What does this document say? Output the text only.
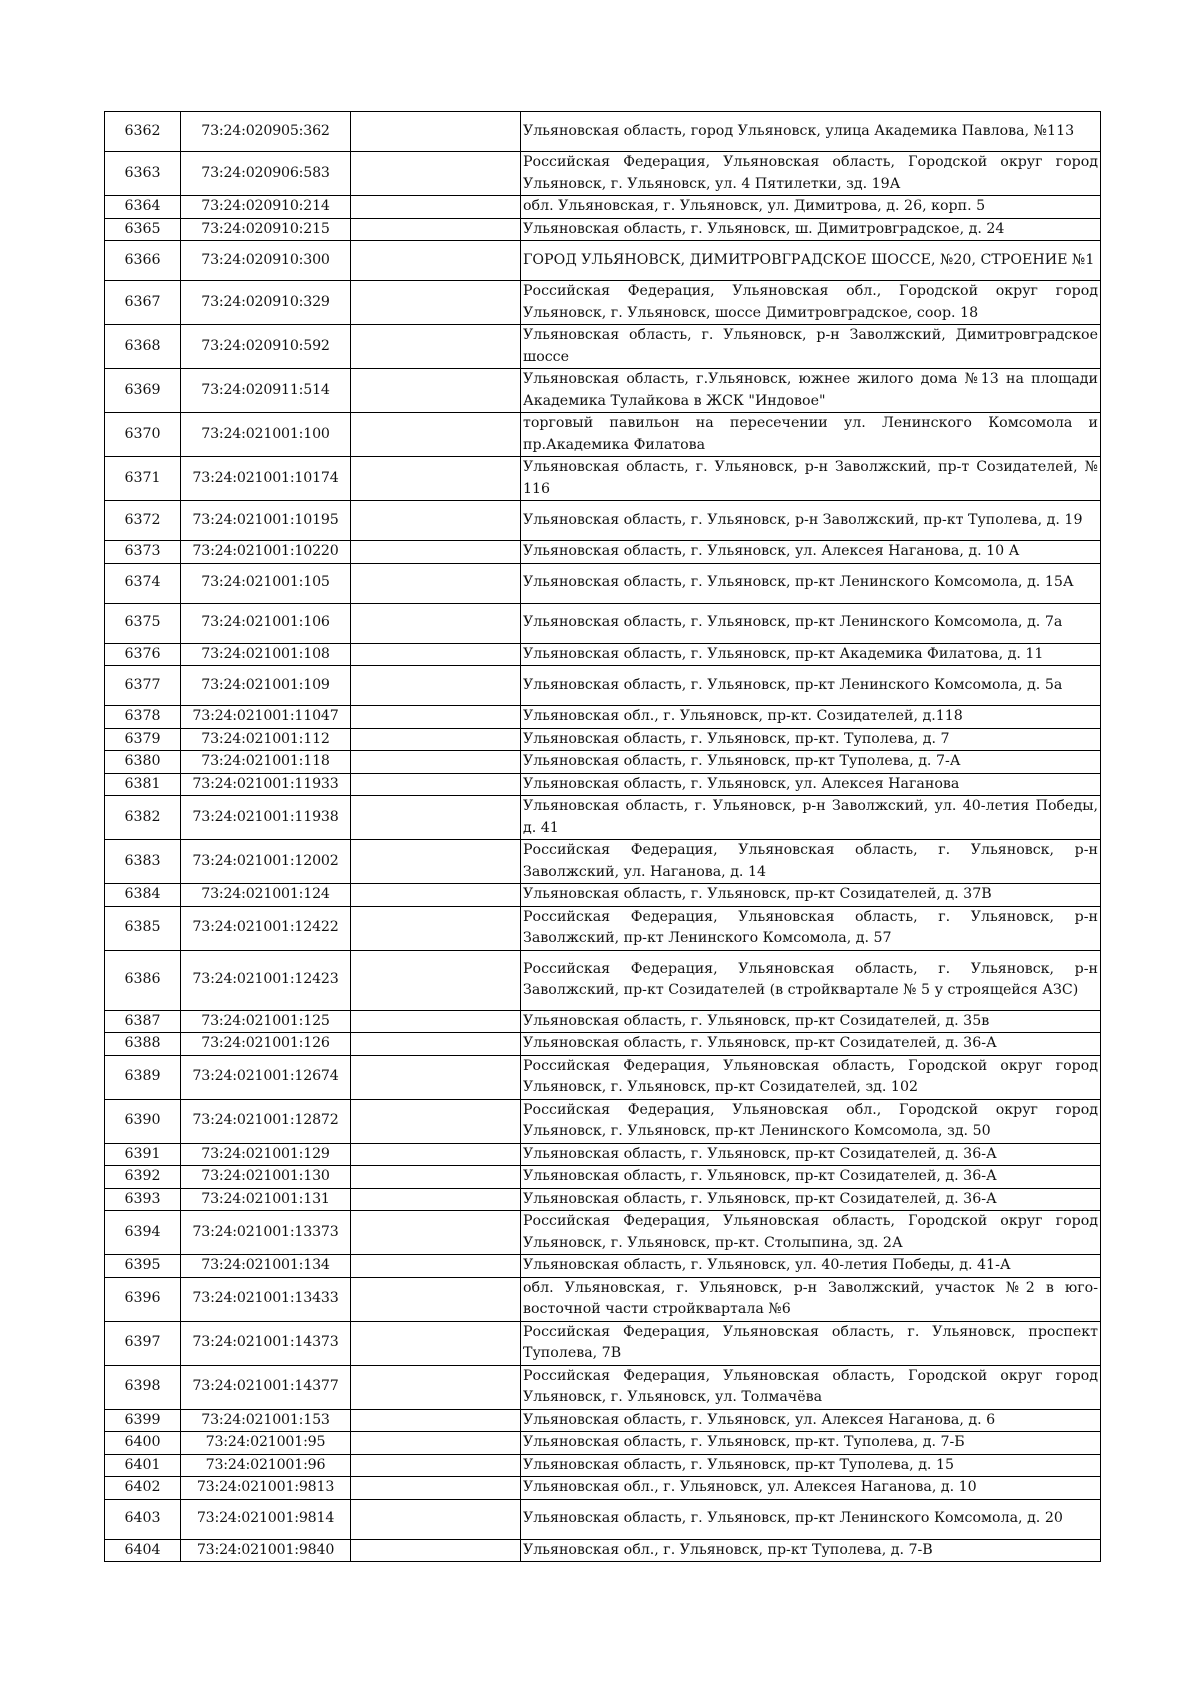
6362	73:24:020905:362		Ульяновская область, город Ульяновск, улица Академика Павлова, №113
6363	73:24:020906:583		Российская Федерация, Ульяновская область, Городской округ город Ульяновск, г. Ульяновск, ул. 4 Пятилетки, зд. 19А
6364	73:24:020910:214		обл. Ульяновская, г. Ульяновск, ул. Димитрова, д. 26, корп. 5
6365	73:24:020910:215		Ульяновская область, г. Ульяновск, ш. Димитровградское, д. 24
6366	73:24:020910:300		ГОРОД УЛЬЯНОВСК, ДИМИТРОВГРАДСКОЕ ШОССЕ, №20, СТРОЕНИЕ №1
6367	73:24:020910:329		Российская Федерация, Ульяновская обл., Городской округ город Ульяновск, г. Ульяновск, шоссе Димитровградское, соор. 18
6368	73:24:020910:592		Ульяновская область, г. Ульяновск, р-н Заволжский, Димитровградское шоссе
6369	73:24:020911:514		Ульяновская область, г.Ульяновск, южнее жилого дома №13 на площади Академика Тулайкова в ЖСК "Индовое"
6370	73:24:021001:100		торговый павильон на пересечении ул. Ленинского Комсомола и пр.Академика Филатова
6371	73:24:021001:10174		Ульяновская область, г. Ульяновск, р-н Заволжский, пр-т Созидателей, № 116
6372	73:24:021001:10195		Ульяновская область, г. Ульяновск, р-н Заволжский, пр-кт Туполева, д. 19
6373	73:24:021001:10220		Ульяновская область, г. Ульяновск, ул. Алексея Наганова, д. 10 А
6374	73:24:021001:105		Ульяновская область, г. Ульяновск, пр-кт Ленинского Комсомола, д. 15А
6375	73:24:021001:106		Ульяновская область, г. Ульяновск, пр-кт Ленинского Комсомола, д. 7а
6376	73:24:021001:108		Ульяновская область, г. Ульяновск, пр-кт Академика Филатова, д. 11
6377	73:24:021001:109		Ульяновская область, г. Ульяновск, пр-кт Ленинского Комсомола, д. 5а
6378	73:24:021001:11047		Ульяновская обл., г. Ульяновск, пр-кт. Созидателей, д.118
6379	73:24:021001:112		Ульяновская область, г. Ульяновск, пр-кт. Туполева, д. 7
6380	73:24:021001:118		Ульяновская область, г. Ульяновск, пр-кт Туполева, д. 7-А
6381	73:24:021001:11933		Ульяновская область, г. Ульяновск, ул. Алексея Наганова
6382	73:24:021001:11938		Ульяновская область, г. Ульяновск, р-н Заволжский, ул. 40-летия Победы, д. 41
6383	73:24:021001:12002		Российская Федерация, Ульяновская область, г. Ульяновск, р-н Заволжский, ул. Наганова, д. 14
6384	73:24:021001:124		Ульяновская область, г. Ульяновск, пр-кт Созидателей, д. 37В
6385	73:24:021001:12422		Российская Федерация, Ульяновская область, г. Ульяновск, р-н Заволжский, пр-кт Ленинского Комсомола, д. 57
6386	73:24:021001:12423		Российская Федерация, Ульяновская область, г. Ульяновск, р-н Заволжский, пр-кт Созидателей (в стройквартале № 5 у строящейся АЗС)
6387	73:24:021001:125		Ульяновская область, г. Ульяновск, пр-кт Созидателей, д. 35в
6388	73:24:021001:126		Ульяновская область, г. Ульяновск, пр-кт Созидателей, д. 36-А
6389	73:24:021001:12674		Российская Федерация, Ульяновская область, Городской округ город Ульяновск, г. Ульяновск, пр-кт Созидателей, зд. 102
6390	73:24:021001:12872		Российская Федерация, Ульяновская обл., Городской округ город Ульяновск, г. Ульяновск, пр-кт Ленинского Комсомола, зд. 50
6391	73:24:021001:129		Ульяновская область, г. Ульяновск, пр-кт Созидателей, д. 36-А
6392	73:24:021001:130		Ульяновская область, г. Ульяновск, пр-кт Созидателей, д. 36-А
6393	73:24:021001:131		Ульяновская область, г. Ульяновск, пр-кт Созидателей, д. 36-А
6394	73:24:021001:13373		Российская Федерация, Ульяновская область, Городской округ город Ульяновск, г. Ульяновск, пр-кт. Столыпина, зд. 2А
6395	73:24:021001:134		Ульяновская область, г. Ульяновск, ул. 40-летия Победы, д. 41-А
6396	73:24:021001:13433		обл. Ульяновская, г. Ульяновск, р-н Заволжский, участок №2 в юго-восточной части стройквартала №6
6397	73:24:021001:14373		Российская Федерация, Ульяновская область, г. Ульяновск, проспект Туполева, 7В
6398	73:24:021001:14377		Российская Федерация, Ульяновская область, Городской округ город Ульяновск, г. Ульяновск, ул. Толмачёва
6399	73:24:021001:153		Ульяновская область, г. Ульяновск, ул. Алексея Наганова, д. 6
6400	73:24:021001:95		Ульяновская область, г. Ульяновск, пр-кт. Туполева, д. 7-Б
6401	73:24:021001:96		Ульяновская область, г. Ульяновск, пр-кт Туполева, д. 15
6402	73:24:021001:9813		Ульяновская обл., г. Ульяновск, ул. Алексея Наганова, д. 10
6403	73:24:021001:9814		Ульяновская область, г. Ульяновск, пр-кт Ленинского Комсомола, д. 20
6404	73:24:021001:9840		Ульяновская обл., г. Ульяновск, пр-кт Туполева, д. 7-В
